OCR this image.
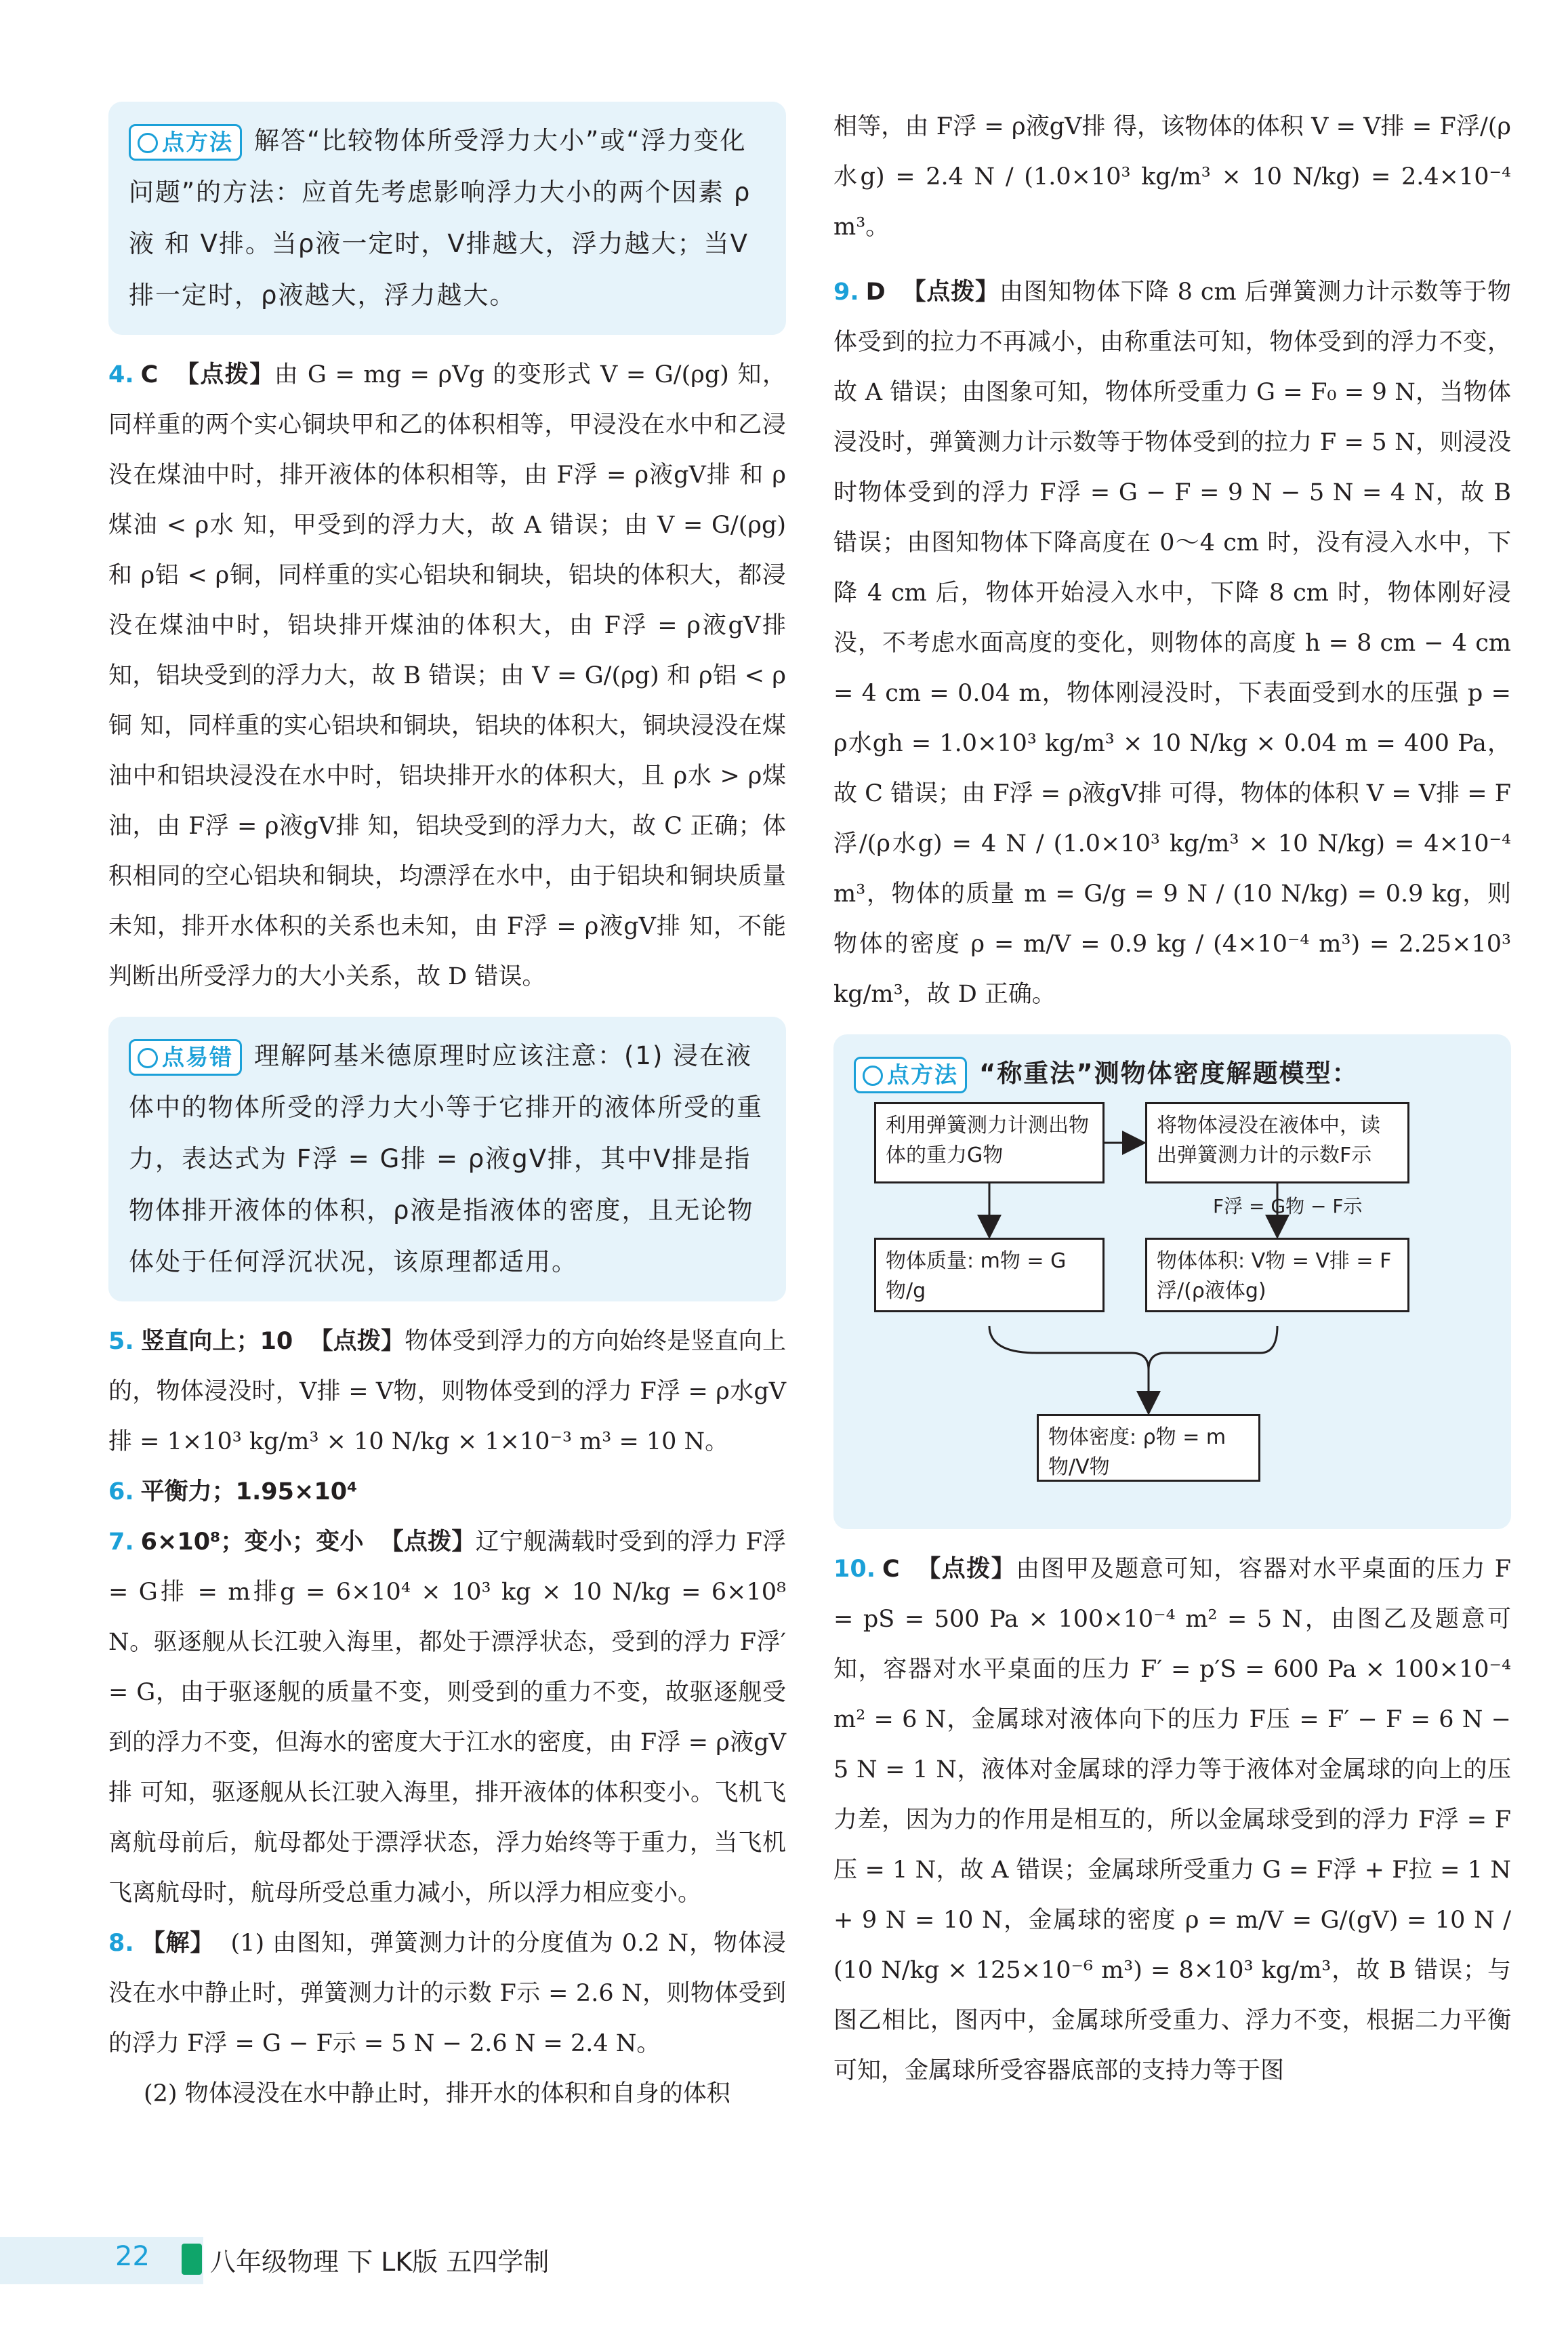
点方法 解答“比较物体所受浮力大小”或“浮力变化问题”的方法：应首先考虑影响浮力大小的两个因素 ρ液 和 V排。当ρ液一定时，V排越大，浮力越大；当V排一定时，ρ液越大，浮力越大。

4. C 【点拨】由 G = mg = ρVg 的变形式 V = G/(ρg) 知，同样重的两个实心铜块甲和乙的体积相等，甲浸没在水中和乙浸没在煤油中时，排开液体的体积相等，由 F浮 = ρ液gV排 和 ρ煤油 < ρ水 知，甲受到的浮力大，故 A 错误；由 V = G/(ρg) 和 ρ铝 < ρ铜，同样重的实心铝块和铜块，铝块的体积大，都浸没在煤油中时，铝块排开煤油的体积大，由 F浮 = ρ液gV排 知，铝块受到的浮力大，故 B 错误；由 V = G/(ρg) 和 ρ铝 < ρ铜 知，同样重的实心铝块和铜块，铝块的体积大，铜块浸没在煤油中和铝块浸没在水中时，铝块排开水的体积大，且 ρ水 > ρ煤油，由 F浮 = ρ液gV排 知，铝块受到的浮力大，故 C 正确；体积相同的空心铝块和铜块，均漂浮在水中，由于铝块和铜块质量未知，排开水体积的关系也未知，由 F浮 = ρ液gV排 知，不能判断出所受浮力的大小关系，故 D 错误。

点易错 理解阿基米德原理时应该注意：(1) 浸在液体中的物体所受的浮力大小等于它排开的液体所受的重力，表达式为 F浮 = G排 = ρ液gV排，其中V排是指物体排开液体的体积，ρ液是指液体的密度，且无论物体处于任何浮沉状况，该原理都适用。

5. 竖直向上；10 【点拨】物体受到浮力的方向始终是竖直向上的，物体浸没时，V排 = V物，则物体受到的浮力 F浮 = ρ水gV排 = 1×10³ kg/m³ × 10 N/kg × 1×10⁻³ m³ = 10 N。

6. 平衡力；1.95×10⁴

7. 6×10⁸；变小；变小 【点拨】辽宁舰满载时受到的浮力 F浮 = G排 = m排g = 6×10⁴ × 10³ kg × 10 N/kg = 6×10⁸ N。驱逐舰从长江驶入海里，都处于漂浮状态，受到的浮力 F浮′ = G，由于驱逐舰的质量不变，则受到的重力不变，故驱逐舰受到的浮力不变，但海水的密度大于江水的密度，由 F浮 = ρ液gV排 可知，驱逐舰从长江驶入海里，排开液体的体积变小。飞机飞离航母前后，航母都处于漂浮状态，浮力始终等于重力，当飞机飞离航母时，航母所受总重力减小，所以浮力相应变小。

8. 【解】 (1) 由图知，弹簧测力计的分度值为 0.2 N，物体浸没在水中静止时，弹簧测力计的示数 F示 = 2.6 N，则物体受到的浮力 F浮 = G − F示 = 5 N − 2.6 N = 2.4 N。

(2) 物体浸没在水中静止时，排开水的体积和自身的体积

相等，由 F浮 = ρ液gV排 得，该物体的体积 V = V排 = F浮/(ρ水g) = 2.4 N / (1.0×10³ kg/m³ × 10 N/kg) = 2.4×10⁻⁴ m³。

9. D 【点拨】由图知物体下降 8 cm 后弹簧测力计示数等于物体受到的拉力不再减小，由称重法可知，物体受到的浮力不变，故 A 错误；由图象可知，物体所受重力 G = F₀ = 9 N，当物体浸没时，弹簧测力计示数等于物体受到的拉力 F = 5 N，则浸没时物体受到的浮力 F浮 = G − F = 9 N − 5 N = 4 N，故 B 错误；由图知物体下降高度在 0～4 cm 时，没有浸入水中，下降 4 cm 后，物体开始浸入水中，下降 8 cm 时，物体刚好浸没，不考虑水面高度的变化，则物体的高度 h = 8 cm − 4 cm = 4 cm = 0.04 m，物体刚浸没时，下表面受到水的压强 p = ρ水gh = 1.0×10³ kg/m³ × 10 N/kg × 0.04 m = 400 Pa，故 C 错误；由 F浮 = ρ液gV排 可得，物体的体积 V = V排 = F浮/(ρ水g) = 4 N / (1.0×10³ kg/m³ × 10 N/kg) = 4×10⁻⁴ m³，物体的质量 m = G/g = 9 N / (10 N/kg) = 0.9 kg，则物体的密度 ρ = m/V = 0.9 kg / (4×10⁻⁴ m³) = 2.25×10³ kg/m³，故 D 正确。

点方法 “称重法”测物体密度解题模型：

利用弹簧测力计测出物体的重力G物
将物体浸没在液体中，读出弹簧测力计的示数F示
F浮 = G物 − F示
物体质量: m物 = G物/g
物体体积: V物 = V排 = F浮/(ρ液体g)
物体密度: ρ物 = m物/V物

10. C 【点拨】由图甲及题意可知，容器对水平桌面的压力 F = pS = 500 Pa × 100×10⁻⁴ m² = 5 N，由图乙及题意可知，容器对水平桌面的压力 F′ = p′S = 600 Pa × 100×10⁻⁴ m² = 6 N，金属球对液体向下的压力 F压 = F′ − F = 6 N − 5 N = 1 N，液体对金属球的浮力等于液体对金属球的向上的压力差，因为力的作用是相互的，所以金属球受到的浮力 F浮 = F压 = 1 N，故 A 错误；金属球所受重力 G = F浮 + F拉 = 1 N + 9 N = 10 N，金属球的密度 ρ = m/V = G/(gV) = 10 N / (10 N/kg × 125×10⁻⁶ m³) = 8×10³ kg/m³，故 B 错误；与图乙相比，图丙中，金属球所受重力、浮力不变，根据二力平衡可知，金属球所受容器底部的支持力等于图

22 八年级物理 下 LK版 五四学制
